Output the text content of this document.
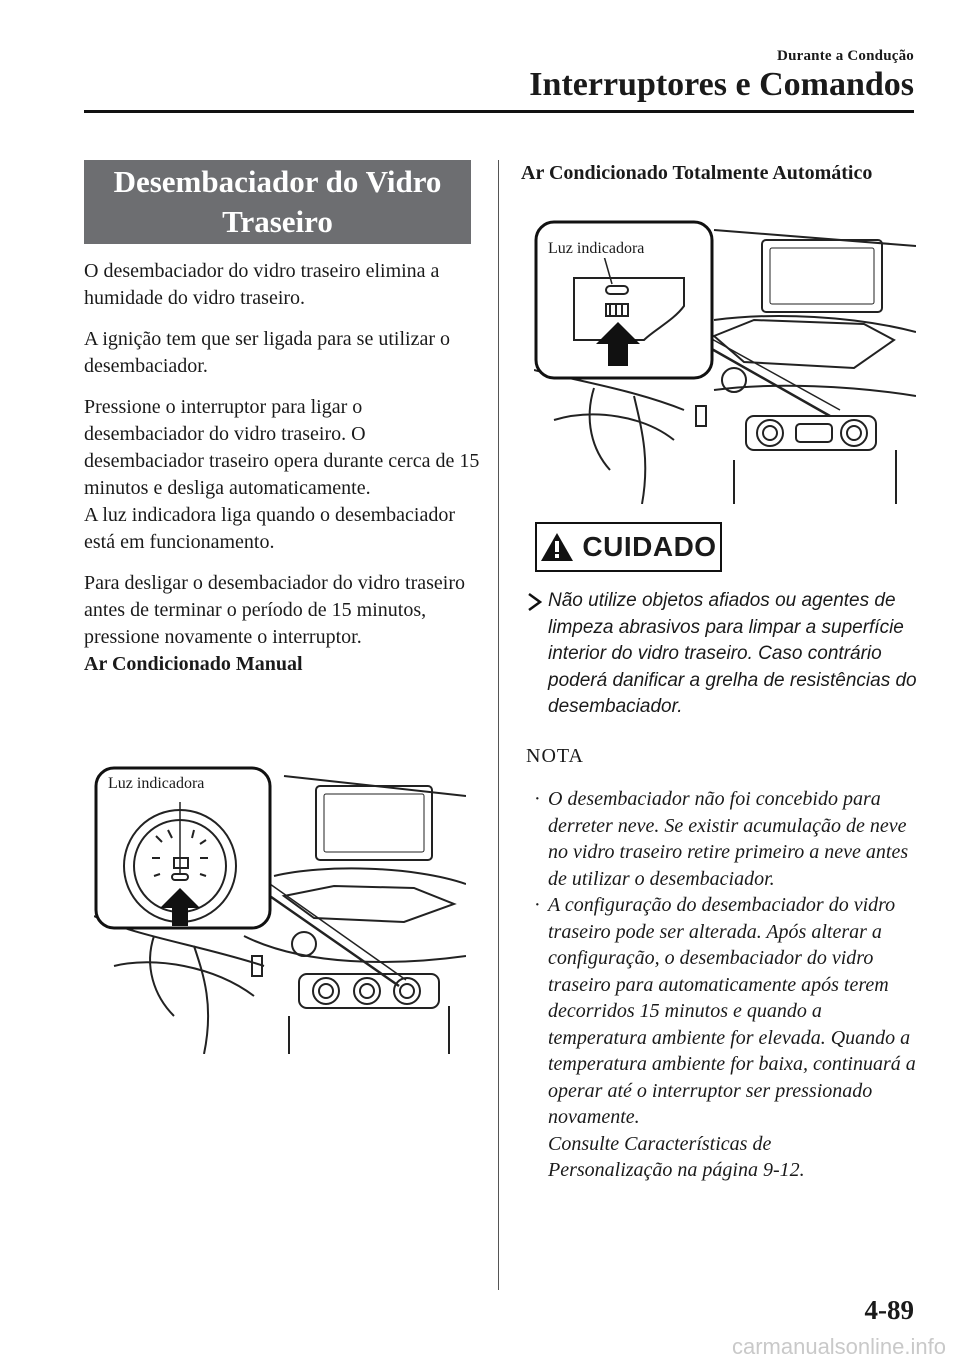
Durante a Condução
Interruptores e Comandos
Desembaciador do Vidro
Traseiro

O desembaciador do vidro traseiro elimina a humidade do vidro traseiro.

A ignição tem que ser ligada para se utilizar o desembaciador.

Pressione o interruptor para ligar o desembaciador do vidro traseiro. O desembaciador traseiro opera durante cerca de 15 minutos e desliga automaticamente.

A luz indicadora liga quando o desembaciador está em funcionamento.

Para desligar o desembaciador do vidro traseiro antes de terminar o período de 15 minutos, pressione novamente o interruptor.

Ar Condicionado Manual
Luz indicadora
Ar Condicionado Totalmente Automático
Luz indicadora
CUIDADO
Não utilize objetos afiados ou agentes de limpeza abrasivos para limpar a superfície interior do vidro traseiro. Caso contrário poderá danificar a grelha de resistências do desembaciador.
NOTA
· O desembaciador não foi concebido para derreter neve. Se existir acumulação de neve no vidro traseiro retire primeiro a neve antes de utilizar o desembaciador.
· A configuração do desembaciador do vidro traseiro pode ser alterada. Após alterar a configuração, o desembaciador do vidro traseiro para automaticamente após terem decorridos 15 minutos e quando a temperatura ambiente for elevada. Quando a temperatura ambiente for baixa, continuará a operar até o interruptor ser pressionado novamente.
Consulte Características de
Personalização na página 9-12.
4-89
carmanualsonline.info
